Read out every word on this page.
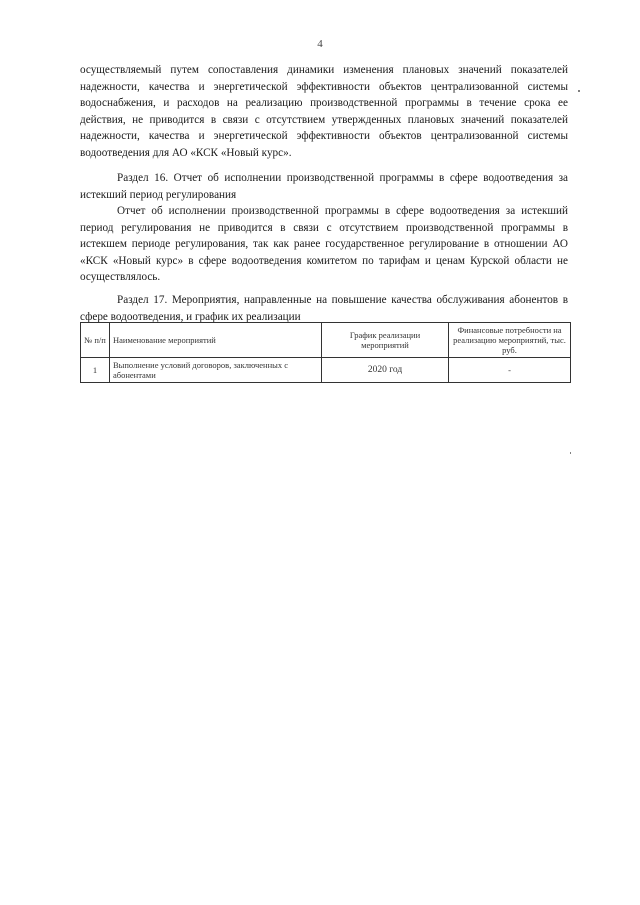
4
осуществляемый путем сопоставления динамики изменения плановых значений показателей надежности, качества и энергетической эффективности объектов централизованной системы водоснабжения, и расходов на реализацию производственной программы в течение срока ее действия, не приводится в связи с отсутствием утвержденных плановых значений показателей надежности, качества и энергетической эффективности объектов централизованной системы водоотведения для АО «КСК «Новый курс».
Раздел 16. Отчет об исполнении производственной программы в сфере водоотведения за истекший период регулирования
Отчет об исполнении производственной программы в сфере водоотведения за истекший период регулирования не приводится в связи с отсутствием производственной программы в истекшем периоде регулирования, так как ранее государственное регулирование в отношении АО «КСК «Новый курс» в сфере водоотведения комитетом по тарифам и ценам Курской области не осуществлялось.
Раздел 17. Мероприятия, направленные на повышение качества обслуживания абонентов в сфере водоотведения, и график их реализации
№ п/п	Наименование мероприятий	График реализации мероприятий	Финансовые потребности на реализацию мероприятий, тыс. руб.
1	Выполнение условий договоров, заключенных с абонентами	2020 год	-
